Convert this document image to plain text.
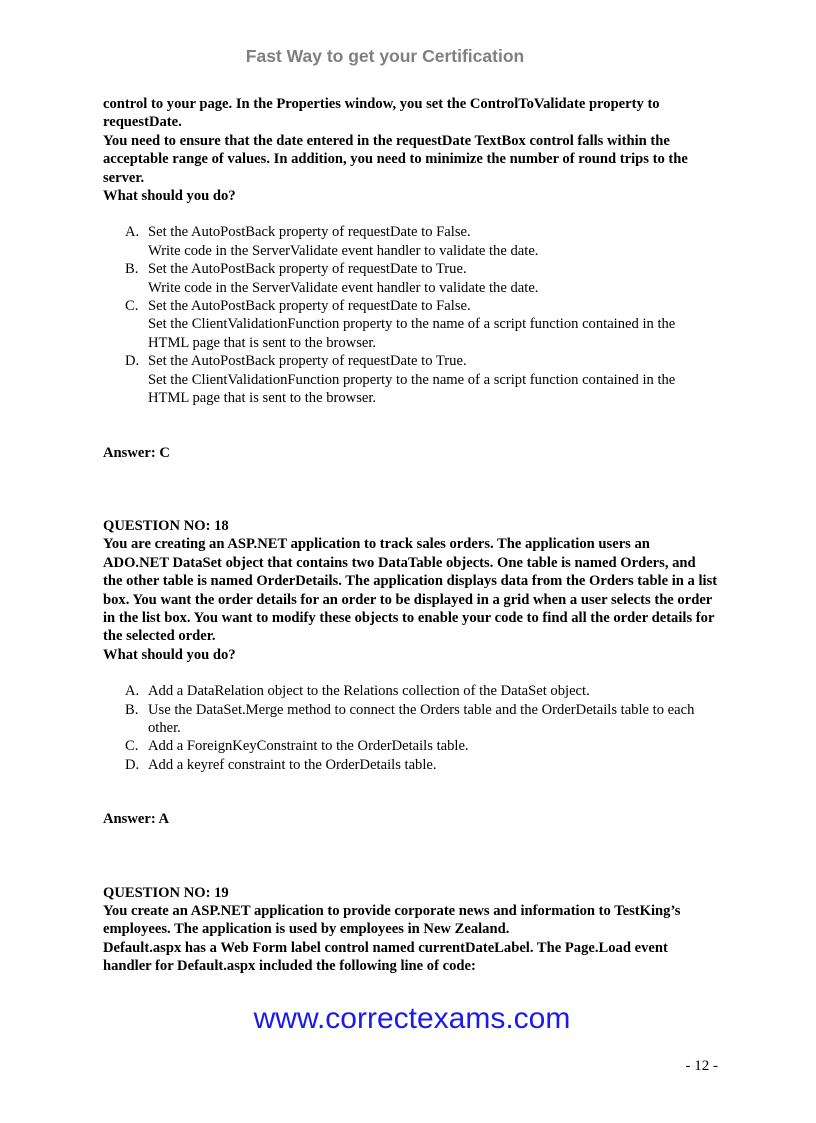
Fast Way to get your Certification

control to your page. In the Properties window, you set the ControlToValidate property to requestDate.

You need to ensure that the date entered in the requestDate TextBox control falls within the acceptable range of values. In addition, you need to minimize the number of round trips to the server.

What should you do?

A. Set the AutoPostBack property of requestDate to False.
Write code in the ServerValidate event handler to validate the date.
B. Set the AutoPostBack property of requestDate to True.
Write code in the ServerValidate event handler to validate the date.
C. Set the AutoPostBack property of requestDate to False.
Set the ClientValidationFunction property to the name of a script function contained in the HTML page that is sent to the browser.
D. Set the AutoPostBack property of requestDate to True.
Set the ClientValidationFunction property to the name of a script function contained in the HTML page that is sent to the browser.

Answer: C

QUESTION NO: 18

You are creating an ASP.NET application to track sales orders. The application users an ADO.NET DataSet object that contains two DataTable objects. One table is named Orders, and the other table is named OrderDetails. The application displays data from the Orders table in a list box. You want the order details for an order to be displayed in a grid when a user selects the order in the list box. You want to modify these objects to enable your code to find all the order details for the selected order.

What should you do?

A. Add a DataRelation object to the Relations collection of the DataSet object.
B. Use the DataSet.Merge method to connect the Orders table and the OrderDetails table to each other.
C. Add a ForeignKeyConstraint to the OrderDetails table.
D. Add a keyref constraint to the OrderDetails table.

Answer: A

QUESTION NO: 19

You create an ASP.NET application to provide corporate news and information to TestKing’s employees. The application is used by employees in New Zealand.

Default.aspx has a Web Form label control named currentDateLabel. The Page.Load event handler for Default.aspx included the following line of code:

www.correctexams.com
- 12 -
